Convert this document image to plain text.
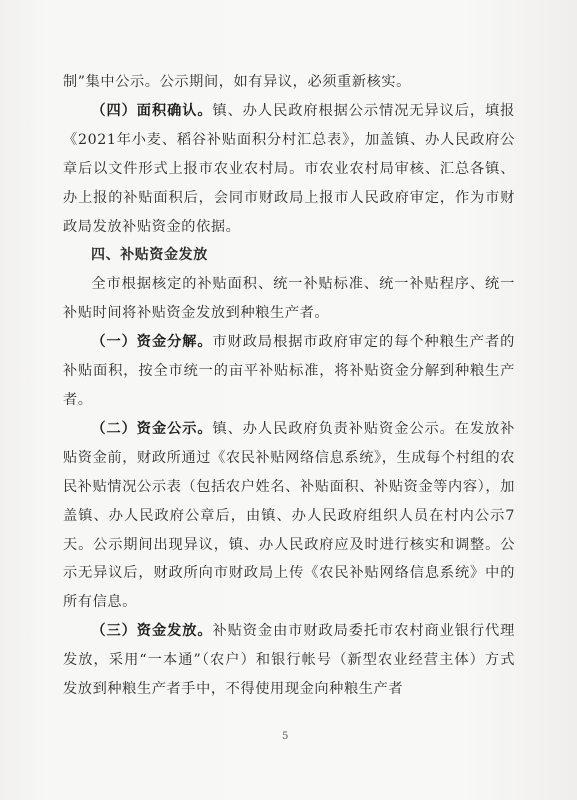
制”集中公示。公示期间，如有异议，必须重新核实。

（四）面积确认。镇、办人民政府根据公示情况无异议后，填报《2021年小麦、稻谷补贴面积分村汇总表》，加盖镇、办人民政府公章后以文件形式上报市农业农村局。市农业农村局审核、汇总各镇、办上报的补贴面积后，会同市财政局上报市人民政府审定，作为市财政局发放补贴资金的依据。

四、补贴资金发放

全市根据核定的补贴面积、统一补贴标准、统一补贴程序、统一补贴时间将补贴资金发放到种粮生产者。

（一）资金分解。市财政局根据市政府审定的每个种粮生产者的补贴面积，按全市统一的亩平补贴标准，将补贴资金分解到种粮生产者。

（二）资金公示。镇、办人民政府负责补贴资金公示。在发放补贴资金前，财政所通过《农民补贴网络信息系统》，生成每个村组的农民补贴情况公示表（包括农户姓名、补贴面积、补贴资金等内容），加盖镇、办人民政府公章后，由镇、办人民政府组织人员在村内公示7天。公示期间出现异议，镇、办人民政府应及时进行核实和调整。公示无异议后，财政所向市财政局上传《农民补贴网络信息系统》中的所有信息。

（三）资金发放。补贴资金由市财政局委托市农村商业银行代理发放，采用“一本通”（农户）和银行帐号（新型农业经营主体）方式发放到种粮生产者手中，不得使用现金向种粮生产者

5
